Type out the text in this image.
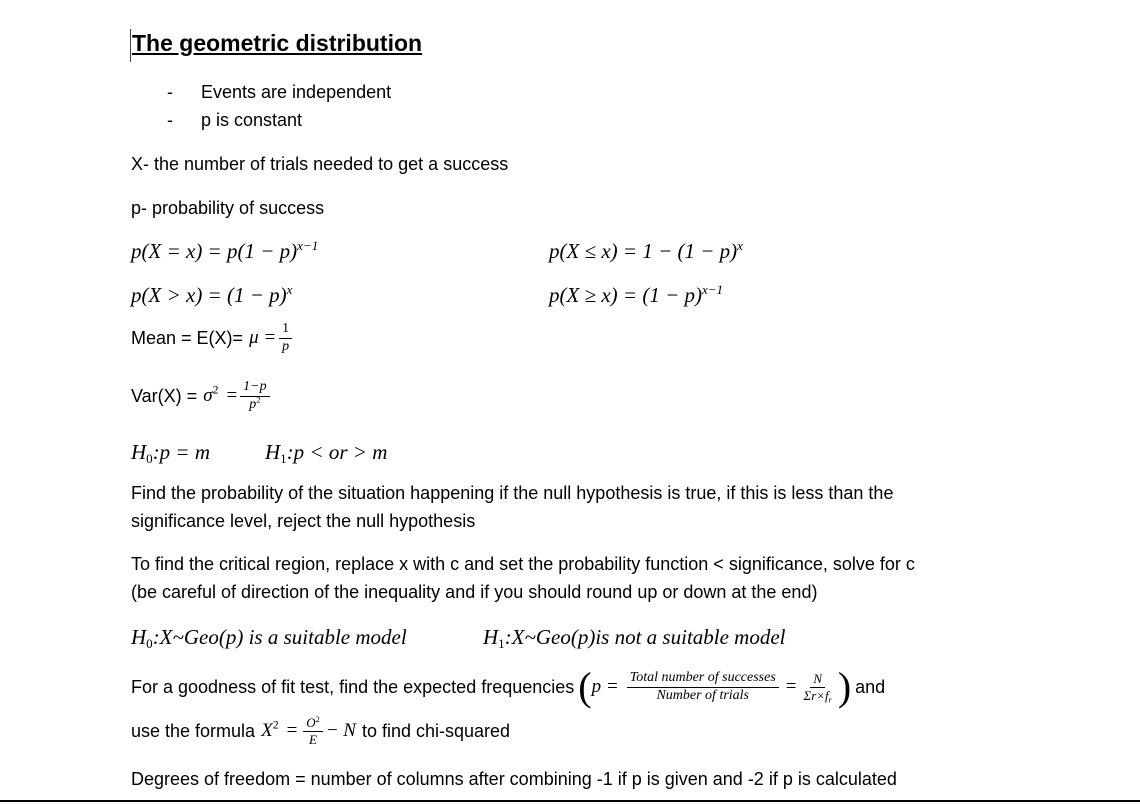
The geometric distribution
- Events are independent
- p is constant
X- the number of trials needed to get a success
p- probability of success
$p(X = x) = p(1 - p)^{x-1}$	$p(X \le x) = 1 - (1 - p)^x$
$p(X > x) = (1 - p)^x$	$p(X \ge x) = (1 - p)^{x-1}$
Mean = $E(X)= \mu = \frac{1}{p}$
$Var(X) = \sigma^2 = \frac{1-p}{p^2}$
$H_0:p = m$	$H_1:p$ < or > m
Find the probability of the situation happening if the null hypothesis is true, if this is less than the
significance level, reject the null hypothesis
To find the critical region, replace x with c and set the probability function < significance, solve for c
(be careful of direction of the inequality and if you should round up or down at the end)
$H_0:X\sim Geo(p)$ is a suitable model	$H_1:X\sim Geo(p)is$ not a suitable model
For a goodness of fit test, find the expected frequencies ( $p = \frac{\text{Total number of successes}}{\text{Number of trials}} = \frac{N}{\Sigma r\times f_r}$ ) and
use the formula $X^2 = \frac{O^2}{E} - N$ to find chi-squared
Degrees of freedom = number of columns after combining -1 if p is given and -2 if p is calculated
